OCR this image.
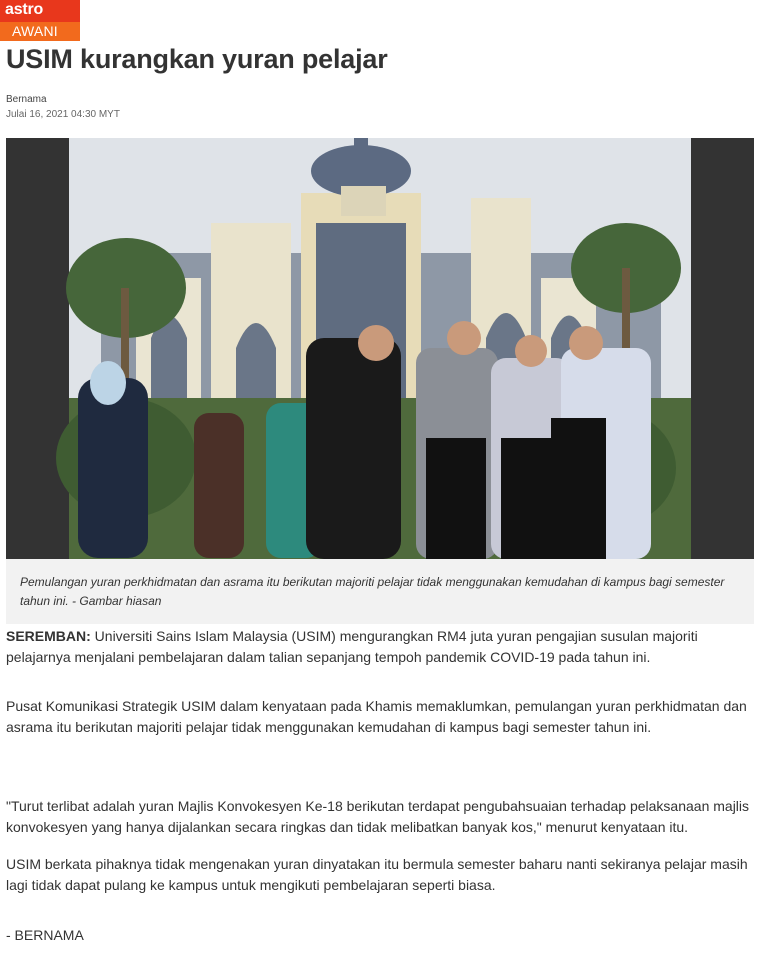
astro
AWANI
USIM kurangkan yuran pelajar
Bernama
Julai 16, 2021 04:30 MYT
Pemulangan yuran perkhidmatan dan asrama itu berikutan majoriti pelajar tidak menggunakan kemudahan di kampus bagi semester tahun ini. - Gambar hiasan

SEREMBAN: Universiti Sains Islam Malaysia (USIM) mengurangkan RM4 juta yuran pengajian susulan majoriti pelajarnya menjalani pembelajaran dalam talian sepanjang tempoh pandemik COVID-19 pada tahun ini.

Pusat Komunikasi Strategik USIM dalam kenyataan pada Khamis memaklumkan, pemulangan yuran perkhidmatan dan asrama itu berikutan majoriti pelajar tidak menggunakan kemudahan di kampus bagi semester tahun ini.

"Turut terlibat adalah yuran Majlis Konvokesyen Ke-18 berikutan terdapat pengubahsuaian terhadap pelaksanaan majlis konvokesyen yang hanya dijalankan secara ringkas dan tidak melibatkan banyak kos," menurut kenyataan itu.

USIM berkata pihaknya tidak mengenakan yuran dinyatakan itu bermula semester baharu nanti sekiranya pelajar masih lagi tidak dapat pulang ke kampus untuk mengikuti pembelajaran seperti biasa.

- BERNAMA
